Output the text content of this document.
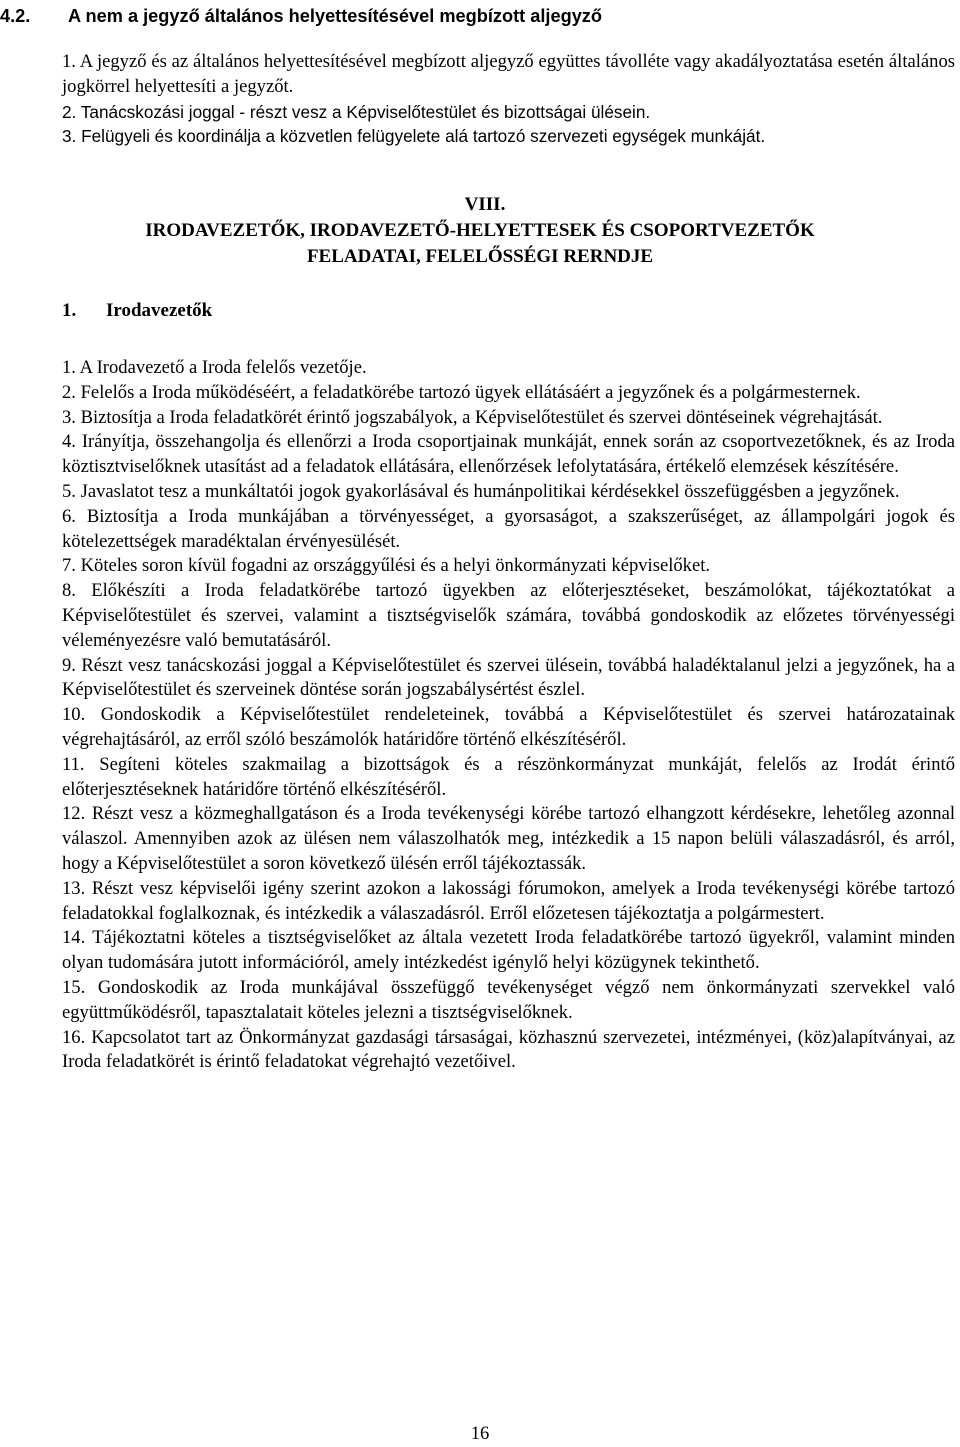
4.2. A nem a jegyző általános helyettesítésével megbízott aljegyző
1. A jegyző és az általános helyettesítésével megbízott aljegyző együttes távolléte vagy akadályoztatása esetén általános jogkörrel helyettesíti a jegyzőt.
2. Tanácskozási joggal - részt vesz a Képviselőtestület és bizottságai ülésein.
3. Felügyeli és koordinálja a közvetlen felügyelete alá tartozó szervezeti egységek munkáját.
VIII.
IRODAVEZETŐK, IRODAVEZETŐ-HELYETTESEK ÉS CSOPORTVEZETŐK
FELADATAI, FELELŐSSÉGI RERNDJE
1. Irodavezetők
1. A Irodavezető a Iroda felelős vezetője.
2. Felelős a Iroda működéséért, a feladatkörébe tartozó ügyek ellátásáért a jegyzőnek és a polgármesternek.
3. Biztosítja a Iroda feladatkörét érintő jogszabályok, a Képviselőtestület és szervei döntéseinek végrehajtását.
4. Irányítja, összehangolja és ellenőrzi a Iroda csoportjainak munkáját, ennek során az csoportvezetőknek, és az Iroda köztisztviselőknek utasítást ad a feladatok ellátására, ellenőrzések lefolytatására, értékelő elemzések készítésére.
5. Javaslatot tesz a munkáltatói jogok gyakorlásával és humánpolitikai kérdésekkel összefüggésben a jegyzőnek.
6. Biztosítja a Iroda munkájában a törvényességet, a gyorsaságot, a szakszerűséget, az állampolgári jogok és kötelezettségek maradéktalan érvényesülését.
7. Köteles soron kívül fogadni az országgyűlési és a helyi önkormányzati képviselőket.
8. Előkészíti a Iroda feladatkörébe tartozó ügyekben az előterjesztéseket, beszámolókat, tájékoztatókat a Képviselőtestület és szervei, valamint a tisztségviselők számára, továbbá gondoskodik az előzetes törvényességi véleményezésre való bemutatásáról.
9. Részt vesz tanácskozási joggal a Képviselőtestület és szervei ülésein, továbbá haladéktalanul jelzi a jegyzőnek, ha a Képviselőtestület és szerveinek döntése során jogszabálysértést észlel.
10. Gondoskodik a Képviselőtestület rendeleteinek, továbbá a Képviselőtestület és szervei határozatainak végrehajtásáról, az erről szóló beszámolók határidőre történő elkészítéséről.
11. Segíteni köteles szakmailag a bizottságok és a részönkormányzat munkáját, felelős az Irodát érintő előterjesztéseknek határidőre történő elkészítéséről.
12. Részt vesz a közmeghallgatáson és a Iroda tevékenységi körébe tartozó elhangzott kérdésekre, lehetőleg azonnal válaszol. Amennyiben azok az ülésen nem válaszolhatók meg, intézkedik a 15 napon belüli válaszadásról, és arról, hogy a Képviselőtestület a soron következő ülésén erről tájékoztassák.
13. Részt vesz képviselői igény szerint azokon a lakossági fórumokon, amelyek a Iroda tevékenységi körébe tartozó feladatokkal foglalkoznak, és intézkedik a válaszadásról. Erről előzetesen tájékoztatja a polgármestert.
14. Tájékoztatni köteles a tisztségviselőket az általa vezetett Iroda feladatkörébe tartozó ügyekről, valamint minden olyan tudomására jutott információról, amely intézkedést igénylő helyi közügynek tekinthető.
15. Gondoskodik az Iroda munkájával összefüggő tevékenységet végző nem önkormányzati szervekkel való együttműködésről, tapasztalatait köteles jelezni a tisztségviselőknek.
16. Kapcsolatot tart az Önkormányzat gazdasági társaságai, közhasznú szervezetei, intézményei, (köz)alapítványai, az Iroda feladatkörét is érintő feladatokat végrehajtó vezetőivel.
16
